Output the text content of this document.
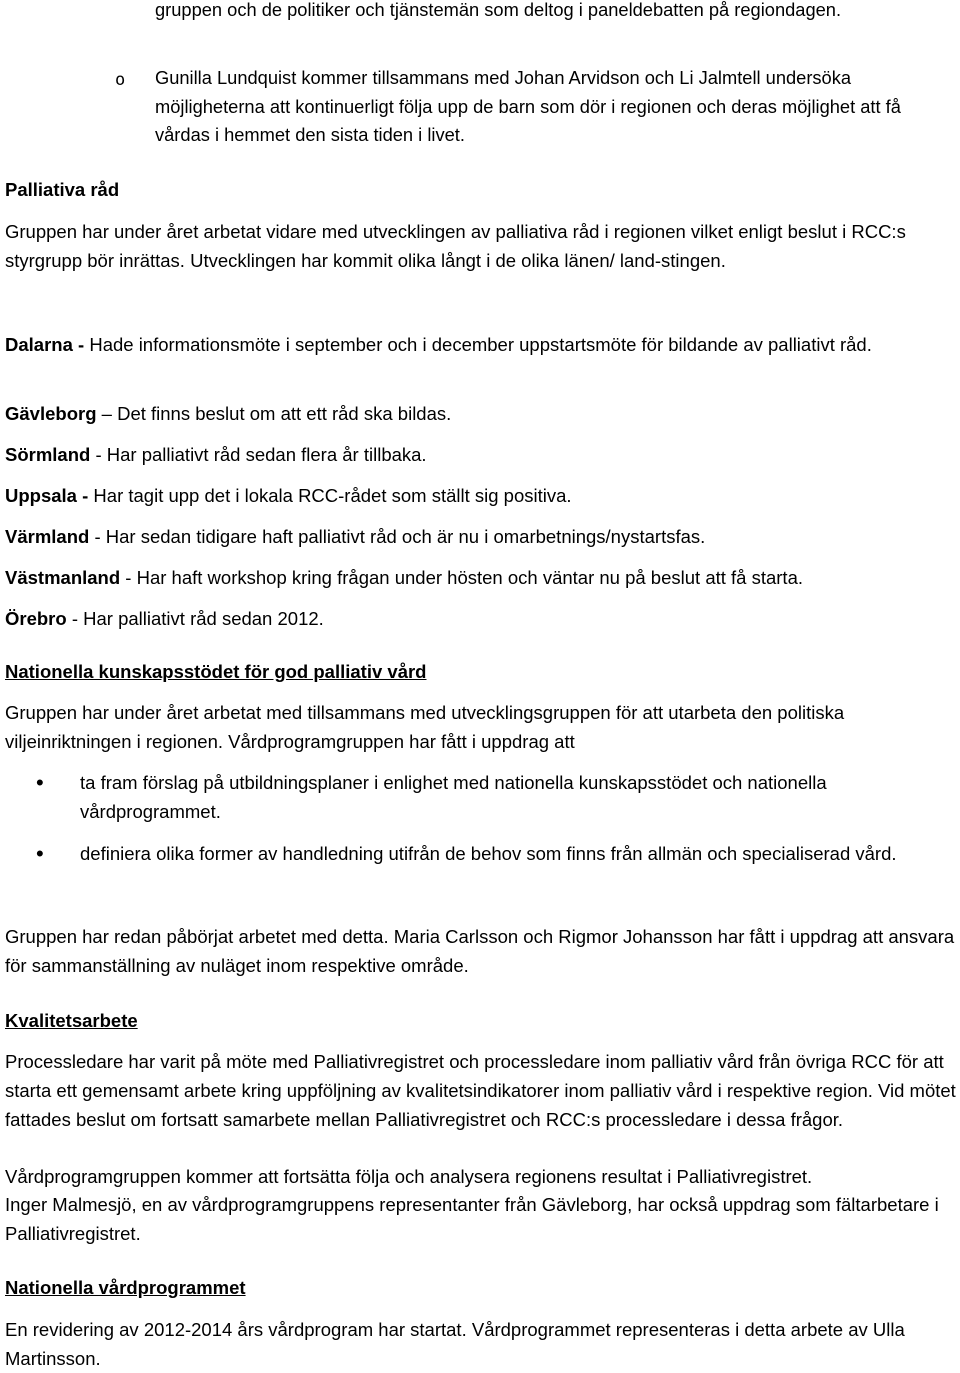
gruppen och de politiker och tjänstemän som deltog i paneldebatten på regiondagen.

o Gunilla Lundquist kommer tillsammans med Johan Arvidson och Li Jalmtell undersöka möjligheterna att kontinuerligt följa upp de barn som dör i regionen och deras möjlighet att få vårdas i hemmet den sista tiden i livet.

Palliativa råd

Gruppen har under året arbetat vidare med utvecklingen av palliativa råd i regionen vilket enligt beslut i RCC:s styrgrupp bör inrättas. Utvecklingen har kommit olika långt i de olika länen/ land-stingen.

Dalarna - Hade informationsmöte i september och i december uppstartsmöte för bildande av palliativt råd.

Gävleborg – Det finns beslut om att ett råd ska bildas.

Sörmland - Har palliativt råd sedan flera år tillbaka.

Uppsala - Har tagit upp det i lokala RCC-rådet som ställt sig positiva.

Värmland - Har sedan tidigare haft palliativt råd och är nu i omarbetnings/nystartsfas.

Västmanland - Har haft workshop kring frågan under hösten och väntar nu på beslut att få starta.

Örebro - Har palliativt råd sedan 2012.

Nationella kunskapsstödet för god palliativ vård

Gruppen har under året arbetat med tillsammans med utvecklingsgruppen för att utarbeta den politiska viljeinriktningen i regionen. Vårdprogramgruppen har fått i uppdrag att

• ta fram förslag på utbildningsplaner i enlighet med nationella kunskapsstödet och nationella vårdprogrammet.

• definiera olika former av handledning utifrån de behov som finns från allmän och specialiserad vård.

Gruppen har redan påbörjat arbetet med detta. Maria Carlsson och Rigmor Johansson har fått i uppdrag att ansvara för sammanställning av nuläget inom respektive område.

Kvalitetsarbete

Processledare har varit på möte med Palliativregistret och processledare inom palliativ vård från övriga RCC för att starta ett gemensamt arbete kring uppföljning av kvalitetsindikatorer inom palliativ vård i respektive region. Vid mötet fattades beslut om fortsatt samarbete mellan Palliativregistret och RCC:s processledare i dessa frågor.

Vårdprogramgruppen kommer att fortsätta följa och analysera regionens resultat i Palliativregistret.

Inger Malmesjö, en av vårdprogramgruppens representanter från Gävleborg, har också uppdrag som fältarbetare i Palliativregistret.

Nationella vårdprogrammet

En revidering av 2012-2014 års vårdprogram har startat. Vårdprogrammet representeras i detta arbete av Ulla Martinsson.
